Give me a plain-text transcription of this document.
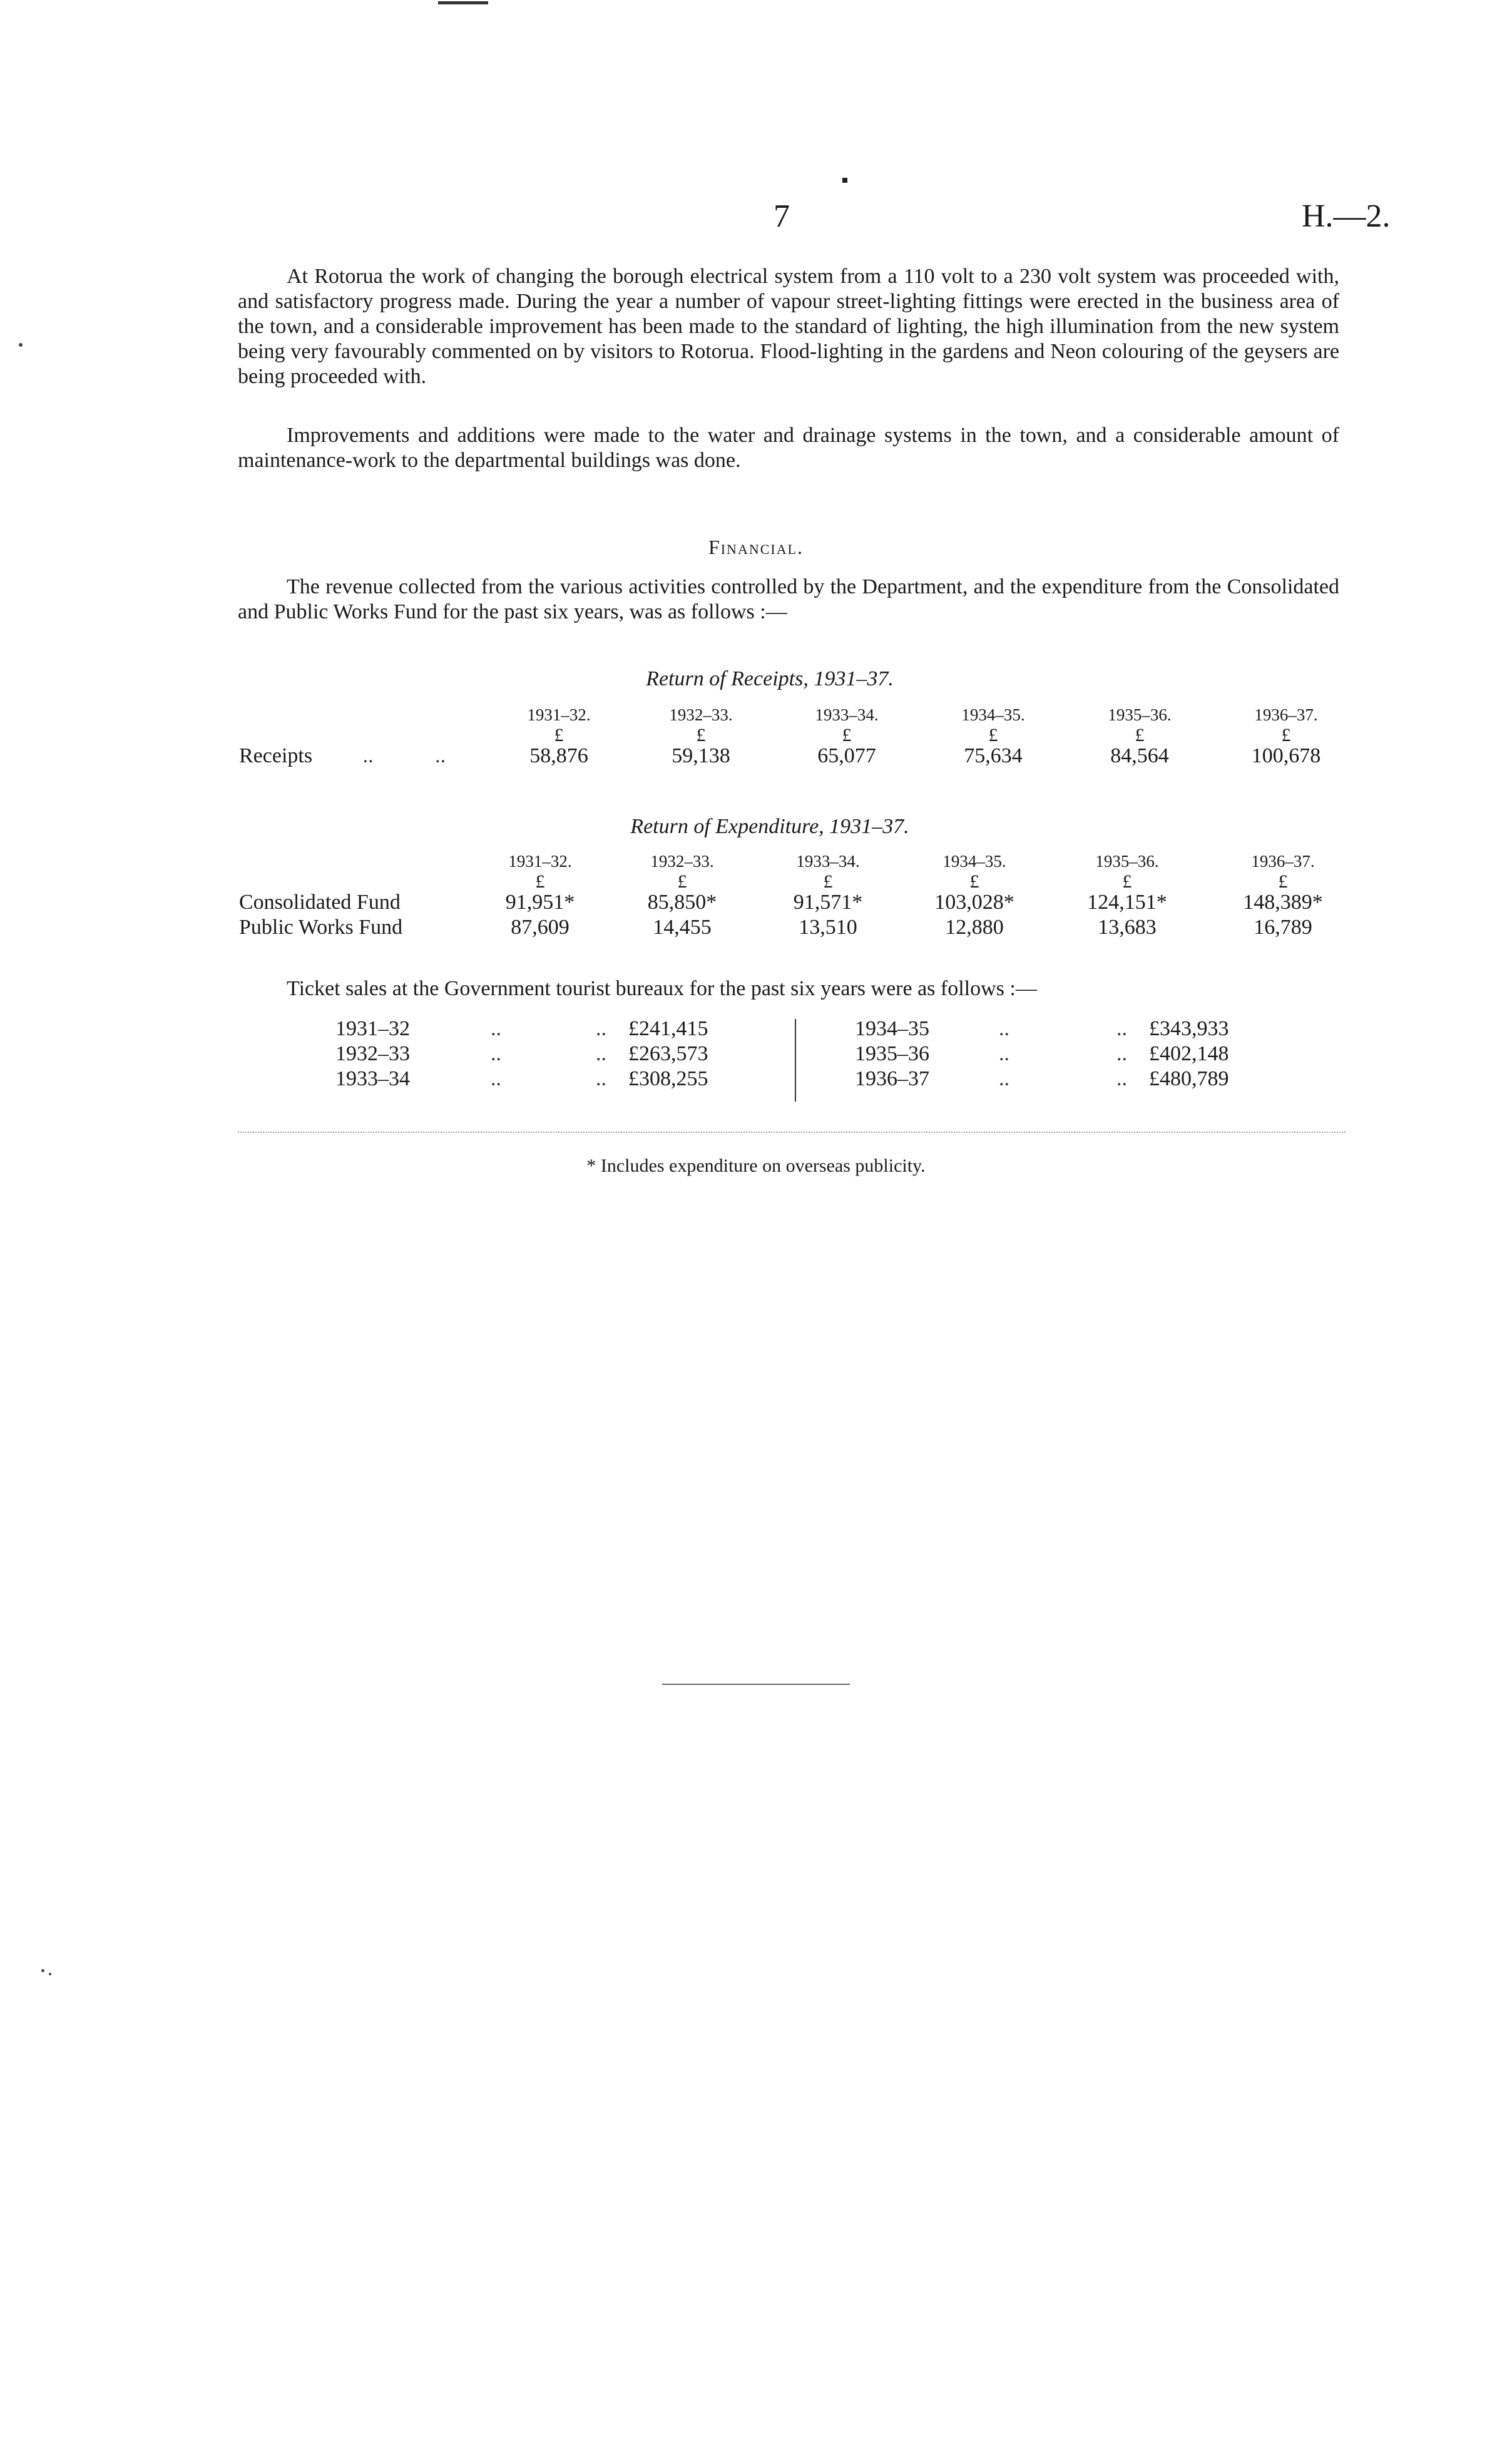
7	H.—2.

At Rotorua the work of changing the borough electrical system from a 110 volt to a 230 volt system was proceeded with, and satisfactory progress made. During the year a number of vapour street-lighting fittings were erected in the business area of the town, and a considerable improvement has been made to the standard of lighting, the high illumination from the new system being very favourably commented on by visitors to Rotorua. Flood-lighting in the gardens and Neon colouring of the geysers are being proceeded with.

Improvements and additions were made to the water and drainage systems in the town, and a considerable amount of maintenance-work to the departmental buildings was done.

Financial.

The revenue collected from the various activities controlled by the Department, and the expenditure from the Consolidated and Public Works Fund for the past six years, was as follows :—

Return of Receipts, 1931–37.
	1931–32.	1932–33.	1933–34.	1934–35.	1935–36.	1936–37.
	£	£	£	£	£	£
Receipts .. ..	58,876	59,138	65,077	75,634	84,564	100,678
Return of Expenditure, 1931–37.
	1931–32.	1932–33.	1933–34.	1934–35.	1935–36.	1936–37.
	£	£	£	£	£	£
Consolidated Fund	91,951*	85,850*	91,571*	103,028*	124,151*	148,389*
Public Works Fund	87,609	14,455	13,510	12,880	13,683	16,789

Ticket sales at the Government tourist bureaux for the past six years were as follows :—

1931–32	..	..	£241,415
1932–33	..	..	£263,573
1933–34	..	..	£308,255
1934–35	..	..	£343,933
1935–36	..	..	£402,148
1936–37	..	..	£480,789
* Includes expenditure on overseas publicity.
